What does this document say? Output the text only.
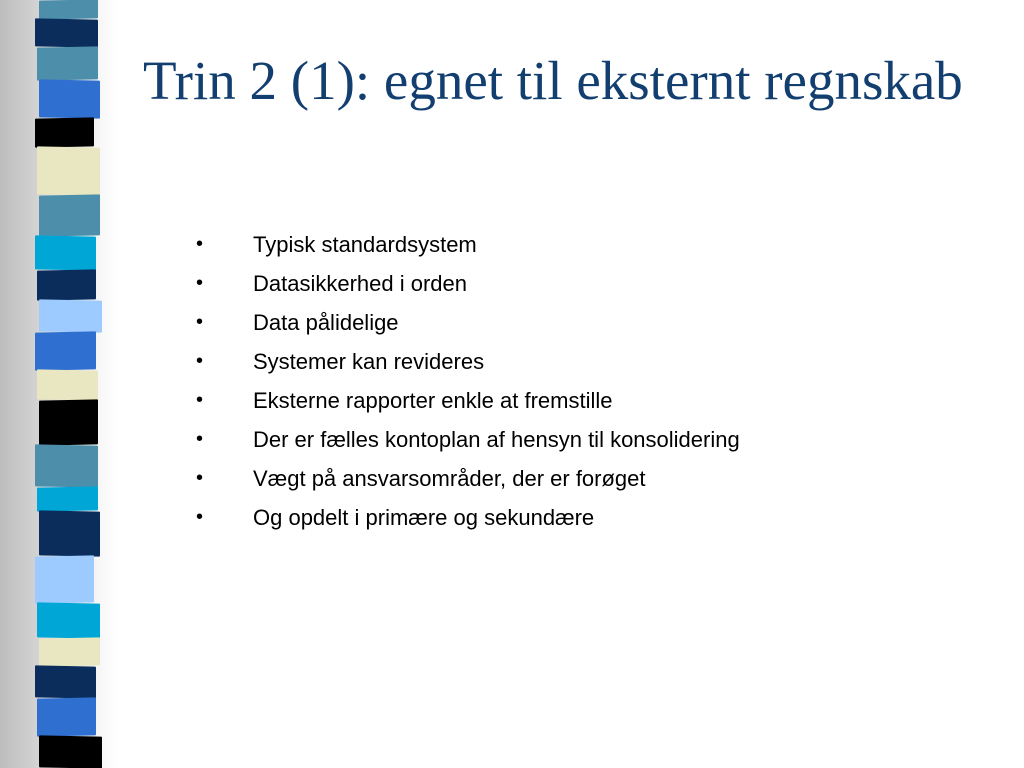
Trin 2 (1): egnet til eksternt regnskab
•	Typisk standardsystem
•	Datasikkerhed i orden
•	Data pålidelige
•	Systemer kan revideres
•	Eksterne rapporter enkle at fremstille
•	Der er fælles kontoplan af hensyn til konsolidering
•	Vægt på ansvarsområder, der er forøget
•	Og opdelt i primære og sekundære
